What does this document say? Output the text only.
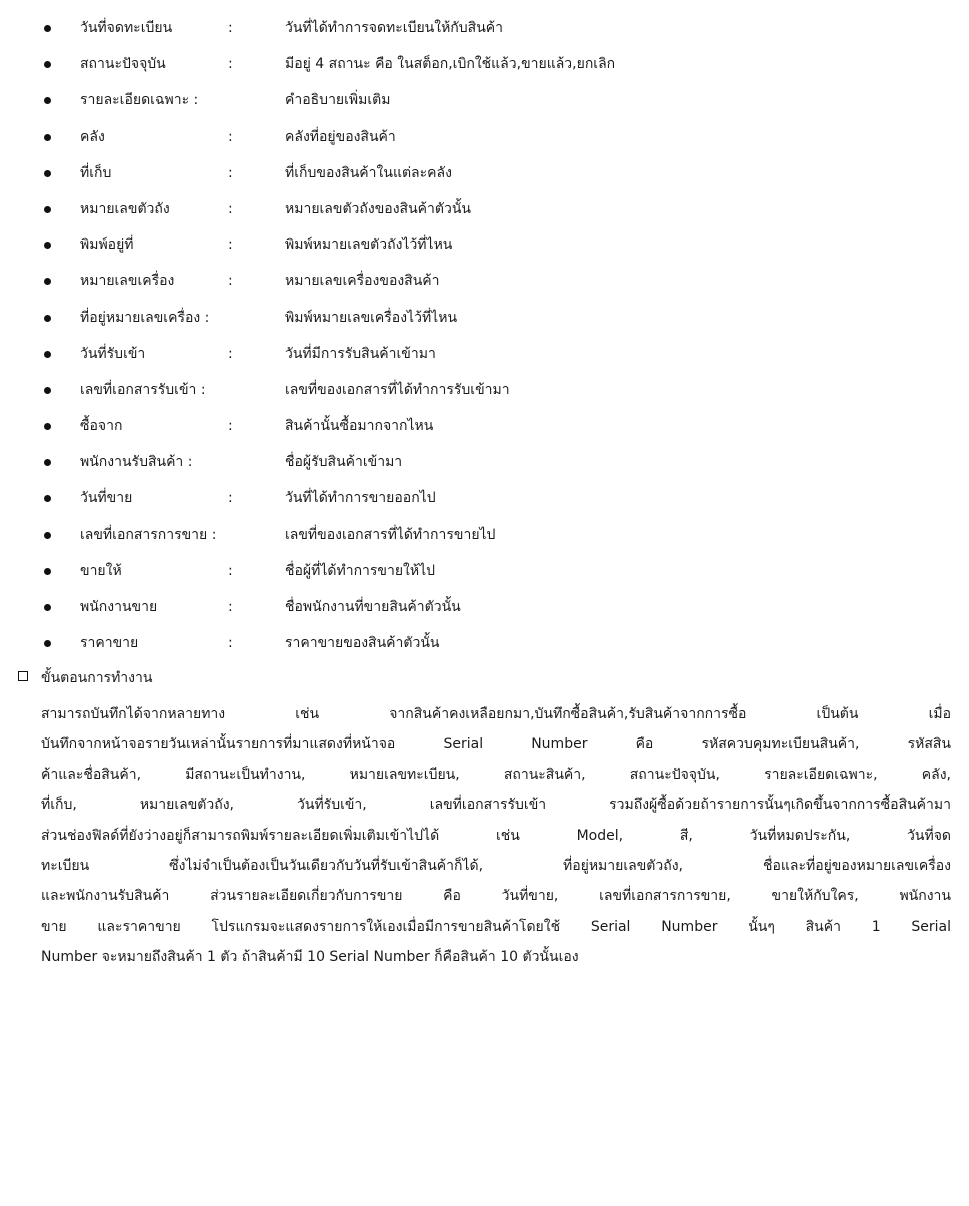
วันที่จดทะเบียน	:	วันที่ได้ทำการจดทะเบียนให้กับสินค้า
สถานะปัจจุบัน	:	มีอยู่ 4 สถานะ คือ ในสต็อก,เบิกใช้แล้ว,ขายแล้ว,ยกเลิก
รายละเอียดเฉพาะ :	คำอธิบายเพิ่มเติม
คลัง	:	คลังที่อยู่ของสินค้า
ที่เก็บ	:	ที่เก็บของสินค้าในแต่ละคลัง
หมายเลขตัวถัง	:	หมายเลขตัวถังของสินค้าตัวนั้น
พิมพ์อยู่ที่	:	พิมพ์หมายเลขตัวถังไว้ที่ไหน
หมายเลขเครื่อง	:	หมายเลขเครื่องของสินค้า
ที่อยู่หมายเลขเครื่อง :	พิมพ์หมายเลขเครื่องไว้ที่ไหน
วันที่รับเข้า	:	วันที่มีการรับสินค้าเข้ามา
เลขที่เอกสารรับเข้า :	เลขที่ของเอกสารที่ได้ทำการรับเข้ามา
ซื้อจาก	:	สินค้านั้นซื้อมากจากไหน
พนักงานรับสินค้า :	ชื่อผู้รับสินค้าเข้ามา
วันที่ขาย	:	วันที่ได้ทำการขายออกไป
เลขที่เอกสารการขาย :	เลขที่ของเอกสารที่ได้ทำการขายไป
ขายให้	:	ชื่อผู้ที่ได้ทำการขายให้ไป
พนักงานขาย	:	ชื่อพนักงานที่ขายสินค้าตัวนั้น
ราคาขาย	:	ราคาขายของสินค้าตัวนั้น
ขั้นตอนการทำงาน
สามารถบันทึกได้จากหลายทาง เช่น จากสินค้าคงเหลือยกมา,บันทึกซื้อสินค้า,รับสินค้าจากการซื้อ เป็นต้น เมื่อ
บันทึกจากหน้าจอรายวันเหล่านั้นรายการที่มาแสดงที่หน้าจอ Serial Number คือ รหัสควบคุมทะเบียนสินค้า, รหัสสิน
ค้าและชื่อสินค้า, มีสถานะเป็นทำงาน, หมายเลขทะเบียน, สถานะสินค้า, สถานะปัจจุบัน, รายละเอียดเฉพาะ, คลัง,
ที่เก็บ, หมายเลขตัวถัง, วันที่รับเข้า, เลขที่เอกสารรับเข้า รวมถึงผู้ซื้อด้วยถ้ารายการนั้นๆเกิดขึ้นจากการซื้อสินค้ามา
ส่วนช่องฟิลด์ที่ยังว่างอยู่ก็สามารถพิมพ์รายละเอียดเพิ่มเติมเข้าไปได้ เช่น Model, สี, วันที่หมดประกัน, วันที่จด
ทะเบียน ซึ่งไม่จำเป็นต้องเป็นวันเดียวกับวันที่รับเข้าสินค้าก็ได้, ที่อยู่หมายเลขตัวถัง, ชื่อและที่อยู่ของหมายเลขเครื่อง
และพนักงานรับสินค้า ส่วนรายละเอียดเกี่ยวกับการขาย คือ วันที่ขาย, เลขที่เอกสารการขาย, ขายให้กับใคร, พนักงาน
ขาย และราคาขาย โปรแกรมจะแสดงรายการให้เองเมื่อมีการขายสินค้าโดยใช้ Serial Number นั้นๆ สินค้า 1 Serial
Number จะหมายถึงสินค้า 1 ตัว ถ้าสินค้ามี 10 Serial Number ก็คือสินค้า 10 ตัวนั้นเอง
